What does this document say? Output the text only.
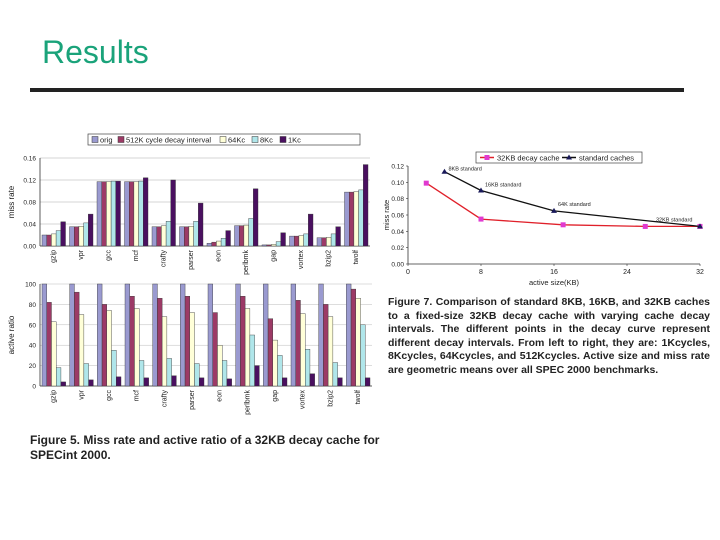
Results
orig 512K cycle decay interval 64Kc 8Kc 1Kc
0.00
0.04
0.08
0.12
0.16
miss rate
gzip	vpr	gcc	mcf	crafty	parser	eon	perlbmk	gap	vortex	bzip2	twolf
0
20
40
60
80
100
active ratio
gzip	vpr	gcc	mcf	crafty	parser	eon	perlbmk	gap	vortex	bzip2	twolf
32KB decay cache	standard caches
0.00
0.02
0.04
0.06
0.08
0.10
0.12
0	8	16	24	32
active size(KB)
miss rate
8KB standard
16KB standard
64K standard
32KB standard
Figure 5. Miss rate and active ratio of a 32KB decay cache for SPECint 2000.
Figure 7. Comparison of standard 8KB, 16KB, and 32KB caches to a fixed-size 32KB decay cache with varying cache decay intervals. The different points in the decay curve represent different decay intervals. From left to right, they are: 1Kcycles, 8Kcycles, 64Kcycles, and 512Kcycles. Active size and miss rate are geometric means over all SPEC 2000 benchmarks.
